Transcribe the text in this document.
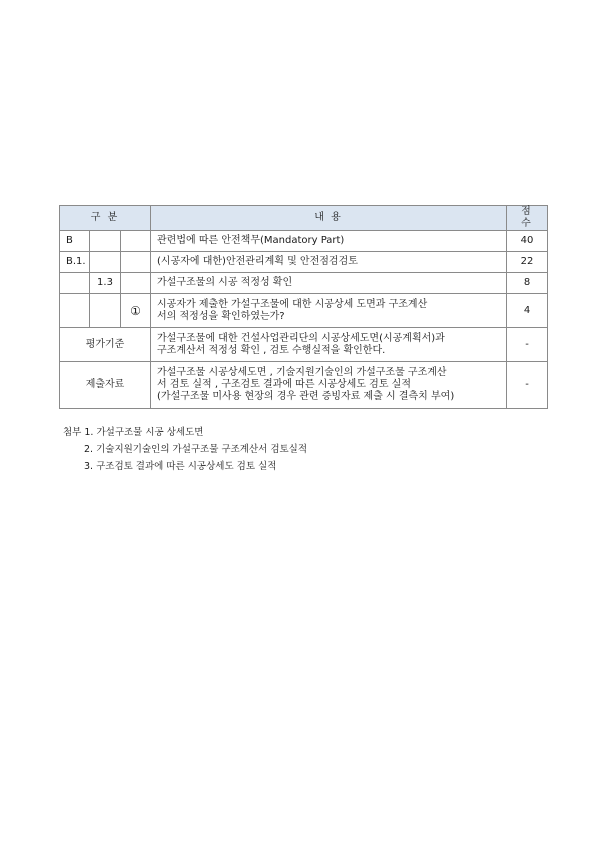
구 분			내 용	점 수
B			관련법에 따른 안전책무(Mandatory Part)	40
B.1.			(시공자에 대한)안전관리계획 및 안전점검검토	22
	1.3		가설구조물의 시공 적정성 확인	8
		①	시공자가 제출한 가설구조물에 대한 시공상세 도면과 구조계산
서의 적정성을 확인하였는가?	4
평가기준			가설구조물에 대한 건설사업관리단의 시공상세도면(시공계획서)과
구조계산서 적정성 확인 , 검토 수행실적을 확인한다.	-
제출자료			가설구조물 시공상세도면 , 기술지원기술인의 가설구조물 구조계산
서 검토 실적 , 구조검토 결과에 따른 시공상세도 검토 실적
(가설구조물 미사용 현장의 경우 관련 증빙자료 제출 시 결측치 부여)	-
첨부 1. 가설구조물 시공 상세도면
2. 기술지원기술인의 가설구조물 구조계산서 검토실적
3. 구조검토 결과에 따른 시공상세도 검토 실적
